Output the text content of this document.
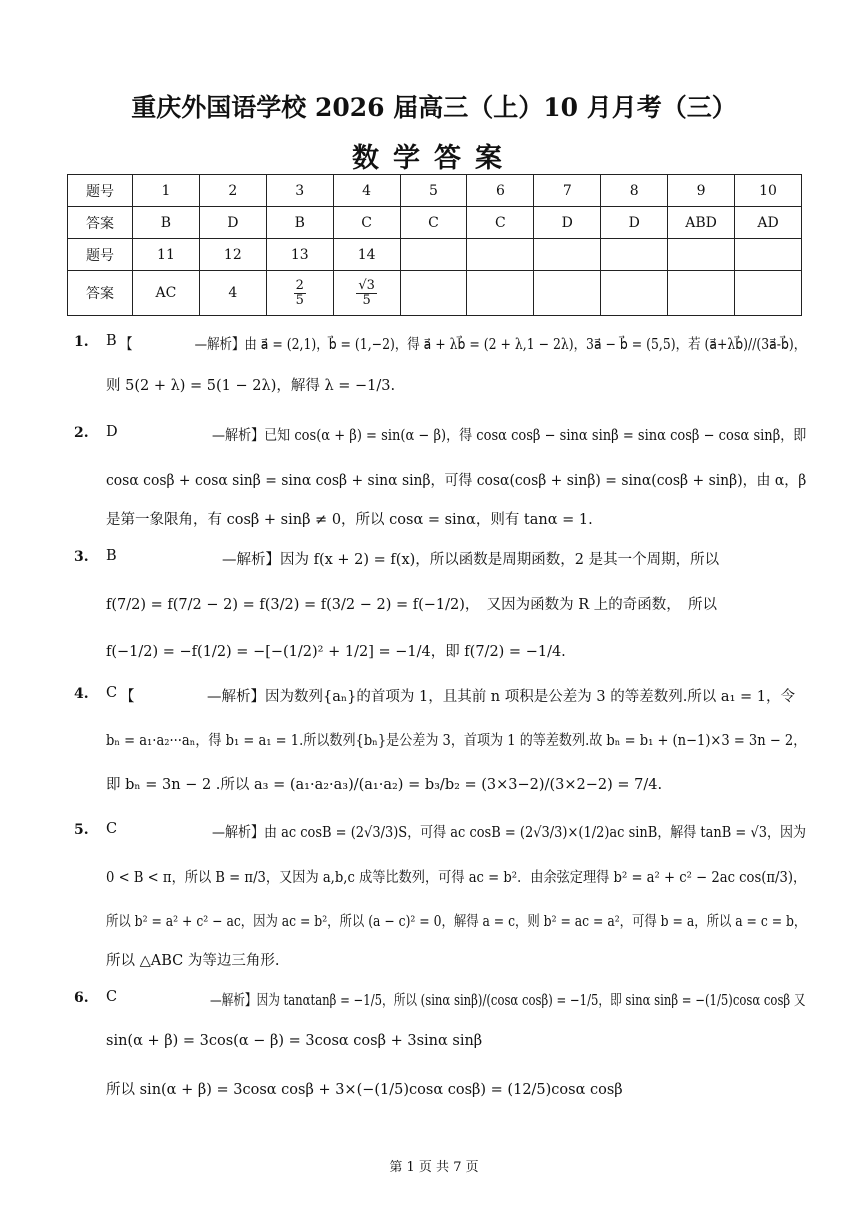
重庆外国语学校 2026 届高三（上）10 月月考（三）
数学答案
题号	1	2	3	4	5	6	7	8	9	10
答案	B	D	B	C	C	C	D	D	ABD	AD
题号	11	12	13	14						
答案	AC	4	$\frac{2}{5}$	$\frac{√3}{5}$

1. B 【　　　　　—解析】由 a⃗ = (2,1)，b⃗ = (1,−2)，得 a⃗ + λb⃗ = (2 + λ,1 − 2λ)，3a⃗ − b⃗ = (5,5)，若 (a⃗+λb⃗)//(3a⃗-b⃗)，
则 5(2 + λ) = 5(1 − 2λ)，解得 λ = −1/3.
2. D	—解析】已知 cos(α + β) = sin(α − β)，得 cosα cosβ − sinα sinβ = sinα cosβ − cosα sinβ，即
cosα cosβ + cosα sinβ = sinα cosβ + sinα sinβ，可得 cosα(cosβ + sinβ) = sinα(cosβ + sinβ)，由 α，β
是第一象限角，有 cosβ + sinβ ≠ 0，所以 cosα = sinα，则有 tanα = 1.
3. B	—解析】因为 f(x + 2) = f(x)，所以函数是周期函数，2 是其一个周期，所以
f(7/2) = f(7/2 − 2) = f(3/2) = f(3/2 − 2) = f(−1/2)，　又因为函数为 R 上的奇函数，　所以
f(−1/2) = −f(1/2) = −[−(1/2)² + 1/2] = −1/4，即 f(7/2) = −1/4.
4. C 【　　　　　—解析】因为数列{aₙ}的首项为 1，且其前 n 项积是公差为 3 的等差数列.所以 a₁ = 1，令
bₙ = a₁·a₂···aₙ，得 b₁ = a₁ = 1.所以数列{bₙ}是公差为 3，首项为 1 的等差数列.故 bₙ = b₁ + (n−1)×3 = 3n − 2，
即 bₙ = 3n − 2 .所以 a₃ = (a₁·a₂·a₃)/(a₁·a₂) = b₃/b₂ = (3×3−2)/(3×2−2) = 7/4.
5. C	—解析】由 ac cosB = (2√3/3)S，可得 ac cosB = (2√3/3)×(1/2)ac sinB，解得 tanB = √3，因为
0 < B < π，所以 B = π/3，又因为 a,b,c 成等比数列，可得 ac = b²．由余弦定理得 b² = a² + c² − 2ac cos(π/3)，
所以 b² = a² + c² − ac，因为 ac = b²，所以 (a − c)² = 0，解得 a = c，则 b² = ac = a²，可得 b = a，所以 a = c = b，
所以 △ABC 为等边三角形.
6. C	—解析】因为 tanαtanβ = −1/5，所以 (sinα sinβ)/(cosα cosβ) = −1/5，即 sinα sinβ = −(1/5)cosα cosβ 又
sin(α + β) = 3cos(α − β) = 3cosα cosβ + 3sinα sinβ
所以 sin(α + β) = 3cosα cosβ + 3×(−(1/5)cosα cosβ) = (12/5)cosα cosβ
第 1 页 共 7 页
